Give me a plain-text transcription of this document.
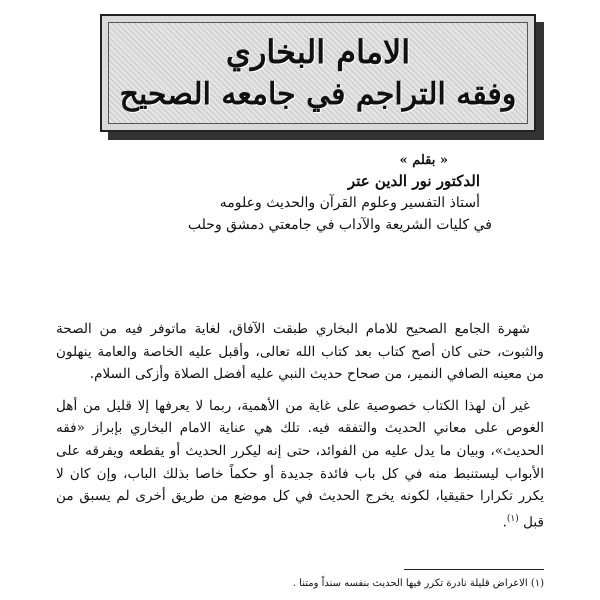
الامام البخاري
وفقه التراجم في جامعه الصحيح
« بقلم »
الدكتور نور الدين عتر
أستاذ التفسير وعلوم القرآن والحديث وعلومه
في كليات الشريعة والآداب في جامعتي دمشق وحلب

شهرة الجامع الصحيح للامام البخاري طبقت الآفاق، لغاية ماتوفر فيه من الصحة والثبوت، حتى كان أصح كتاب بعد كتاب الله تعالى، وأقبل عليه الخاصة والعامة ينهلون من معينه الصافي النمير، من صحاح حديث النبي عليه أفضل الصلاة وأزكى السلام.

غير أن لهذا الكتاب خصوصية على غاية من الأهمية، ربما لا يعرفها إلا قليل من أهل الغوص على معاني الحديث والتفقه فيه. تلك هي عناية الامام البخاري بإبراز «فقه الحديث»، وبيان ما يدل عليه من الفوائد، حتى إنه ليكرر الحديث أو يقطعه ويفرقه على الأبواب ليستنبط منه في كل باب فائدة جديدة أو حكماً خاصا بذلك الباب، وإن كان لا يكرر تكرارا حقيقيا، لكونه يخرج الحديث في كل موضع من طريق أخرى لم يسبق من قبل $^{(١)}$.

(١) الاعراض قليلة نادرة تكرر فيها الحديث بنفسه سنداً ومتنا .
